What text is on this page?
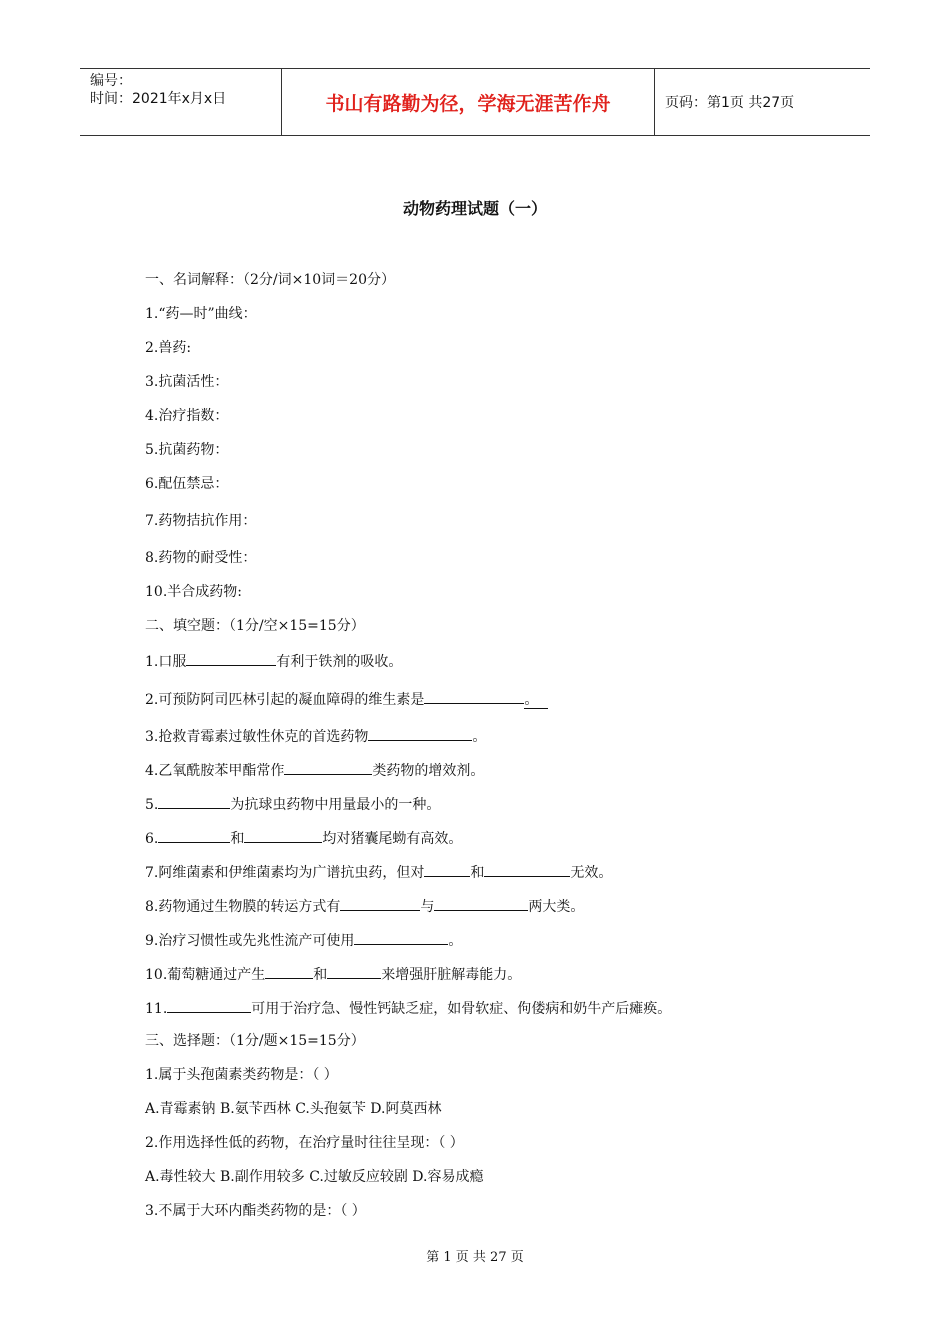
编号：
时间：2021年x月x日	书山有路勤为径，学海无涯苦作舟	页码：第1页 共27页
动物药理试题（一）
一、名词解释：（2分/词×10词＝20分）
1.“药—时”曲线：
2.兽药:
3.抗菌活性：
4.治疗指数：
5.抗菌药物：
6.配伍禁忌：
7.药物拮抗作用：
8.药物的耐受性：
10.半合成药物:
二、填空题：（1分/空×15=15分）
1.口服	有利于铁剂的吸收。
2.可预防阿司匹林引起的凝血障碍的维生素是	。
3.抢救青霉素过敏性休克的首选药物	。
4.乙氧酰胺苯甲酯常作	类药物的增效剂。
5.	为抗球虫药物中用量最小的一种。
6.	和	均对猪囊尾蚴有高效。
7.阿维菌素和伊维菌素均为广谱抗虫药，但对	和	无效。
8.药物通过生物膜的转运方式有	与	两大类。
9.治疗习惯性或先兆性流产可使用	。
10.葡萄糖通过产生	和	来增强肝脏解毒能力。
11.	可用于治疗急、慢性钙缺乏症，如骨软症、佝偻病和奶牛产后瘫痪。
三、选择题：（1分/题×15=15分）
1.属于头孢菌素类药物是：（ ）
A.青霉素钠 B.氨苄西林 C.头孢氨苄 D.阿莫西林
2.作用选择性低的药物，在治疗量时往往呈现：（ ）
A.毒性较大 B.副作用较多 C.过敏反应较剧 D.容易成瘾
3.不属于大环内酯类药物的是：（ ）
第 1 页 共 27 页
